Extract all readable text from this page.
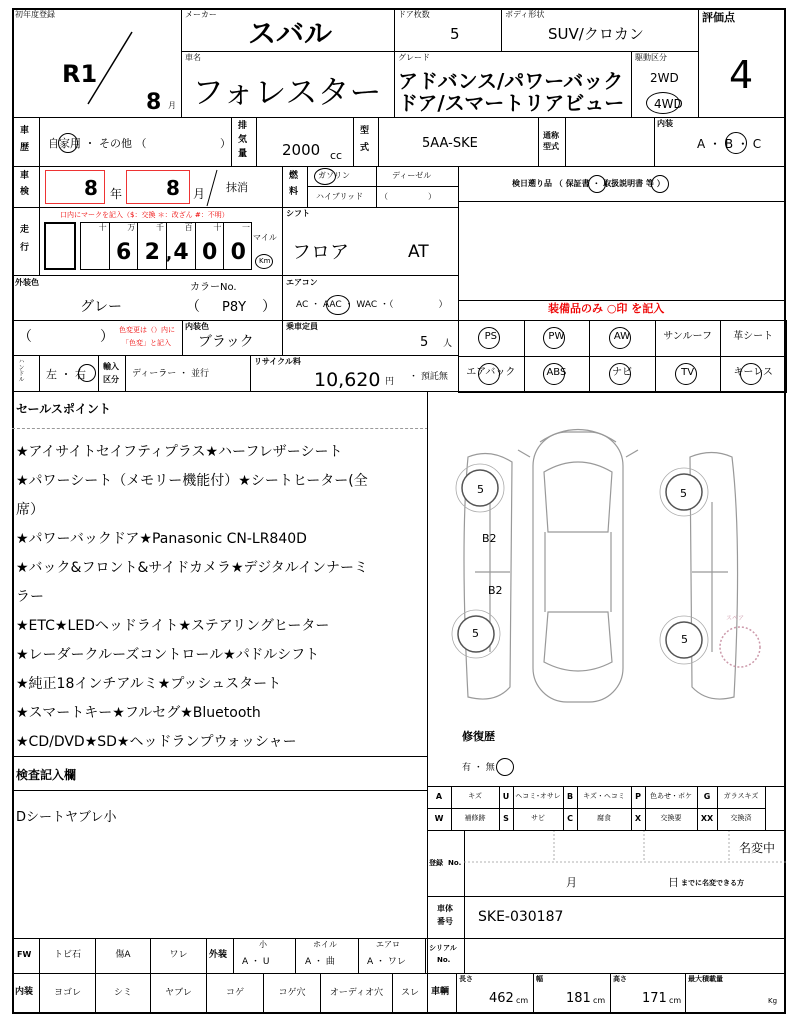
初年度登録
R1
8 月
メーカー
スバル
ドア枚数
5
ボディ形状
SUV/クロカン
評価点
4
車名
フォレスター
グレード
アドバンス/パワーバック
ドア/スマートリアビュー
駆動区分
2WD
4WD
車
歴 自家用 ・ その他 （	）
排
気
量 2000 cc
型
式	5AA-SKE
通称
型式
内装
A ・ B ・ C
車
検	8 年 8 月 抹消
燃
料
ガソリン	ディーゼル
ハイブリッド （　　　　　）
検日遡り品 （ 保証書 ・ 取扱説明書 等 ）
走
行
口内にマークを記入（$：交換 ＊：改ざん #：不明）
,
マイル
Km
シフト
フロア	AT
外装色
グレー
カラーNo.
（ P8Y ）
エアコン
AC ・ AAC ・ WAC ・（　　　　　）	装備品のみ ○印 を記入
（	） 色変更は（）内に
「色変」と記入
内装色
ブラック
乗車定員
5 人
ハンドル 左 ・ 右
輸入
区分
ディーラー ・ 並行
リサイクル料
10,620 円 ・ 預託無
セールスポイント
5	5
5	5
B2
B2
スペア
修復歴
有 ・ 無
検査記入欄
Dシートヤブレ小
登録 No.
名変中
月	日 までに名変できる方
車体
番号 SKE-030187
FW	外装
小
A ・ U
ホイル
A ・ 曲
エアロ
A ・ ワレ
シリアル
No.
内装	車輌
長さ
462 cm
幅
181 cm
高さ
171 cm
最大積載量
Kg
十	万
6
千
2
百
4
十
0
一
0
PS	PW	AW	サンルーフ	革シート
エアバック	ABS	ナビ	TV	キーレス
★アイサイトセイフティプラス★ハーフレザーシート
★パワーシート（メモリー機能付）★シートヒーター(全
席）
★パワーバックドア★Panasonic CN-LR840D
★バック&フロント&サイドカメラ★デジタルインナーミ
ラー
★ETC★LEDヘッドライト★ステアリングヒーター
★レーダークルーズコントロール★パドルシフト
★純正18インチアルミ★プッシュスタート
★スマートキー★フルセグ★Bluetooth
★CD/DVD★SD★ヘッドランプウォッシャー
A	キズ	U ヘコミ･オサレ B	キズ・ヘコミ	P	色あせ・ボケ	G	ガラスキズ
W	補修跡	S	サビ	C	腐食	X	交換要	XX	交換済
トビ石	傷A	ワレ
ヨゴレ	シミ	ヤブレ	コゲ	コゲ穴	オーディオ穴	スレ
